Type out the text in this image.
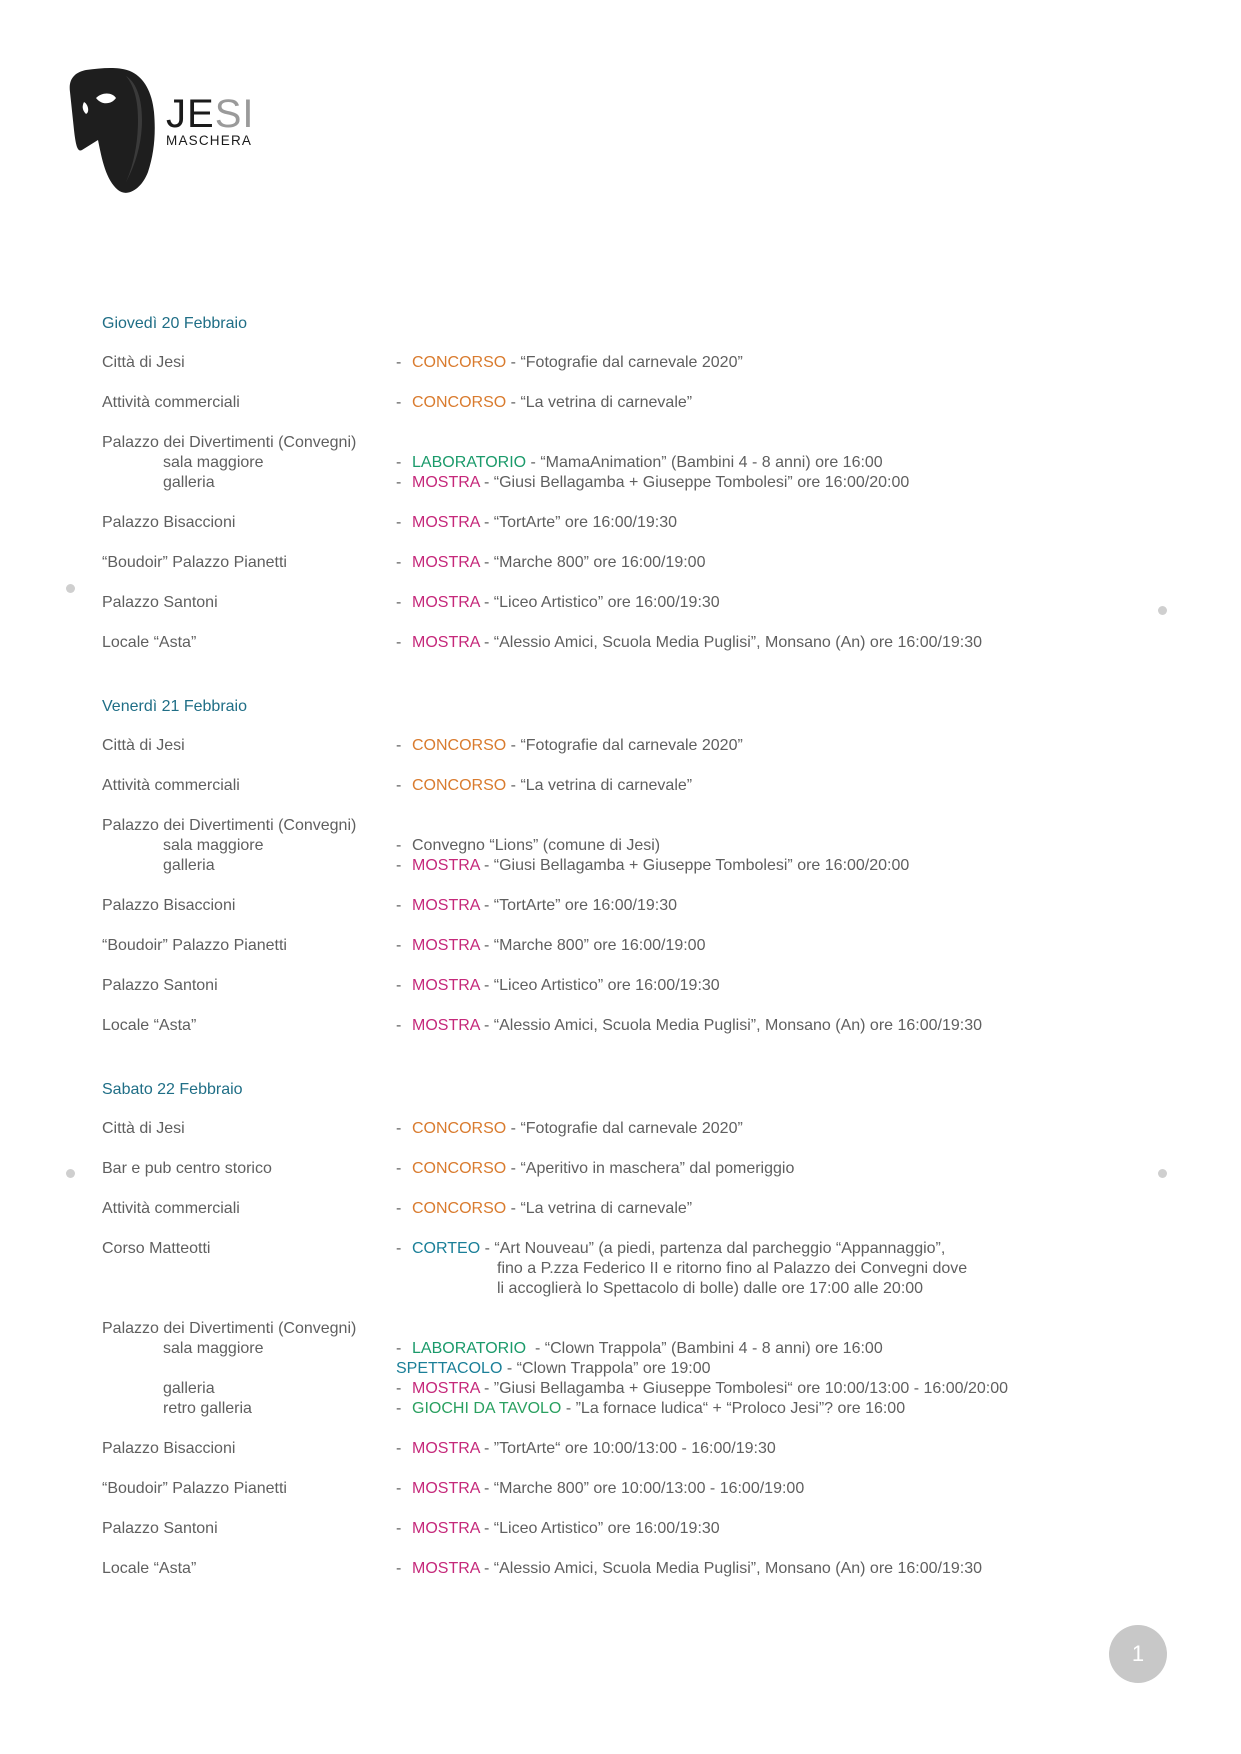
JESI
MASCHERA
Giovedì 20 Febbraio
Città di Jesi	- CONCORSO - “Fotografie dal carnevale 2020”
Attività commerciali	- CONCORSO - “La vetrina di carnevale”
Palazzo dei Divertimenti (Convegni)
sala maggiore	- LABORATORIO - “MamaAnimation” (Bambini 4 - 8 anni) ore 16:00
galleria	- MOSTRA - “Giusi Bellagamba + Giuseppe Tombolesi” ore 16:00/20:00
Palazzo Bisaccioni	- MOSTRA - “TortArte” ore 16:00/19:30
“Boudoir” Palazzo Pianetti	- MOSTRA - “Marche 800” ore 16:00/19:00
Palazzo Santoni	- MOSTRA - “Liceo Artistico” ore 16:00/19:30
Locale “Asta”	- MOSTRA - “Alessio Amici, Scuola Media Puglisi”, Monsano (An) ore 16:00/19:30
Venerdì 21 Febbraio
Città di Jesi	- CONCORSO - “Fotografie dal carnevale 2020”
Attività commerciali	- CONCORSO - “La vetrina di carnevale”
Palazzo dei Divertimenti (Convegni)
sala maggiore	- Convegno “Lions” (comune di Jesi)
galleria	- MOSTRA - “Giusi Bellagamba + Giuseppe Tombolesi” ore 16:00/20:00
Palazzo Bisaccioni	- MOSTRA - “TortArte” ore 16:00/19:30
“Boudoir” Palazzo Pianetti	- MOSTRA - “Marche 800” ore 16:00/19:00
Palazzo Santoni	- MOSTRA - “Liceo Artistico” ore 16:00/19:30
Locale “Asta”	- MOSTRA - “Alessio Amici, Scuola Media Puglisi”, Monsano (An) ore 16:00/19:30
Sabato 22 Febbraio
Città di Jesi	- CONCORSO - “Fotografie dal carnevale 2020”
Bar e pub centro storico	- CONCORSO - “Aperitivo in maschera” dal pomeriggio
Attività commerciali	- CONCORSO - “La vetrina di carnevale”
Corso Matteotti	- CORTEO - “Art Nouveau” (a piedi, partenza dal parcheggio “Appannaggio”,
fino a P.zza Federico II e ritorno fino al Palazzo dei Convegni dove
li accoglierà lo Spettacolo di bolle) dalle ore 17:00 alle 20:00
Palazzo dei Divertimenti (Convegni)
sala maggiore	- LABORATORIO  - “Clown Trappola” (Bambini 4 - 8 anni) ore 16:00
SPETTACOLO - “Clown Trappola” ore 19:00
galleria	- MOSTRA - ”Giusi Bellagamba + Giuseppe Tombolesi“ ore 10:00/13:00 - 16:00/20:00
retro galleria	- GIOCHI DA TAVOLO - ”La fornace ludica“ + “Proloco Jesi”? ore 16:00
Palazzo Bisaccioni	- MOSTRA - ”TortArte“ ore 10:00/13:00 - 16:00/19:30
“Boudoir” Palazzo Pianetti	- MOSTRA - “Marche 800” ore 10:00/13:00 - 16:00/19:00
Palazzo Santoni	- MOSTRA - “Liceo Artistico” ore 16:00/19:30
Locale “Asta”	- MOSTRA - “Alessio Amici, Scuola Media Puglisi”, Monsano (An) ore 16:00/19:30
1
